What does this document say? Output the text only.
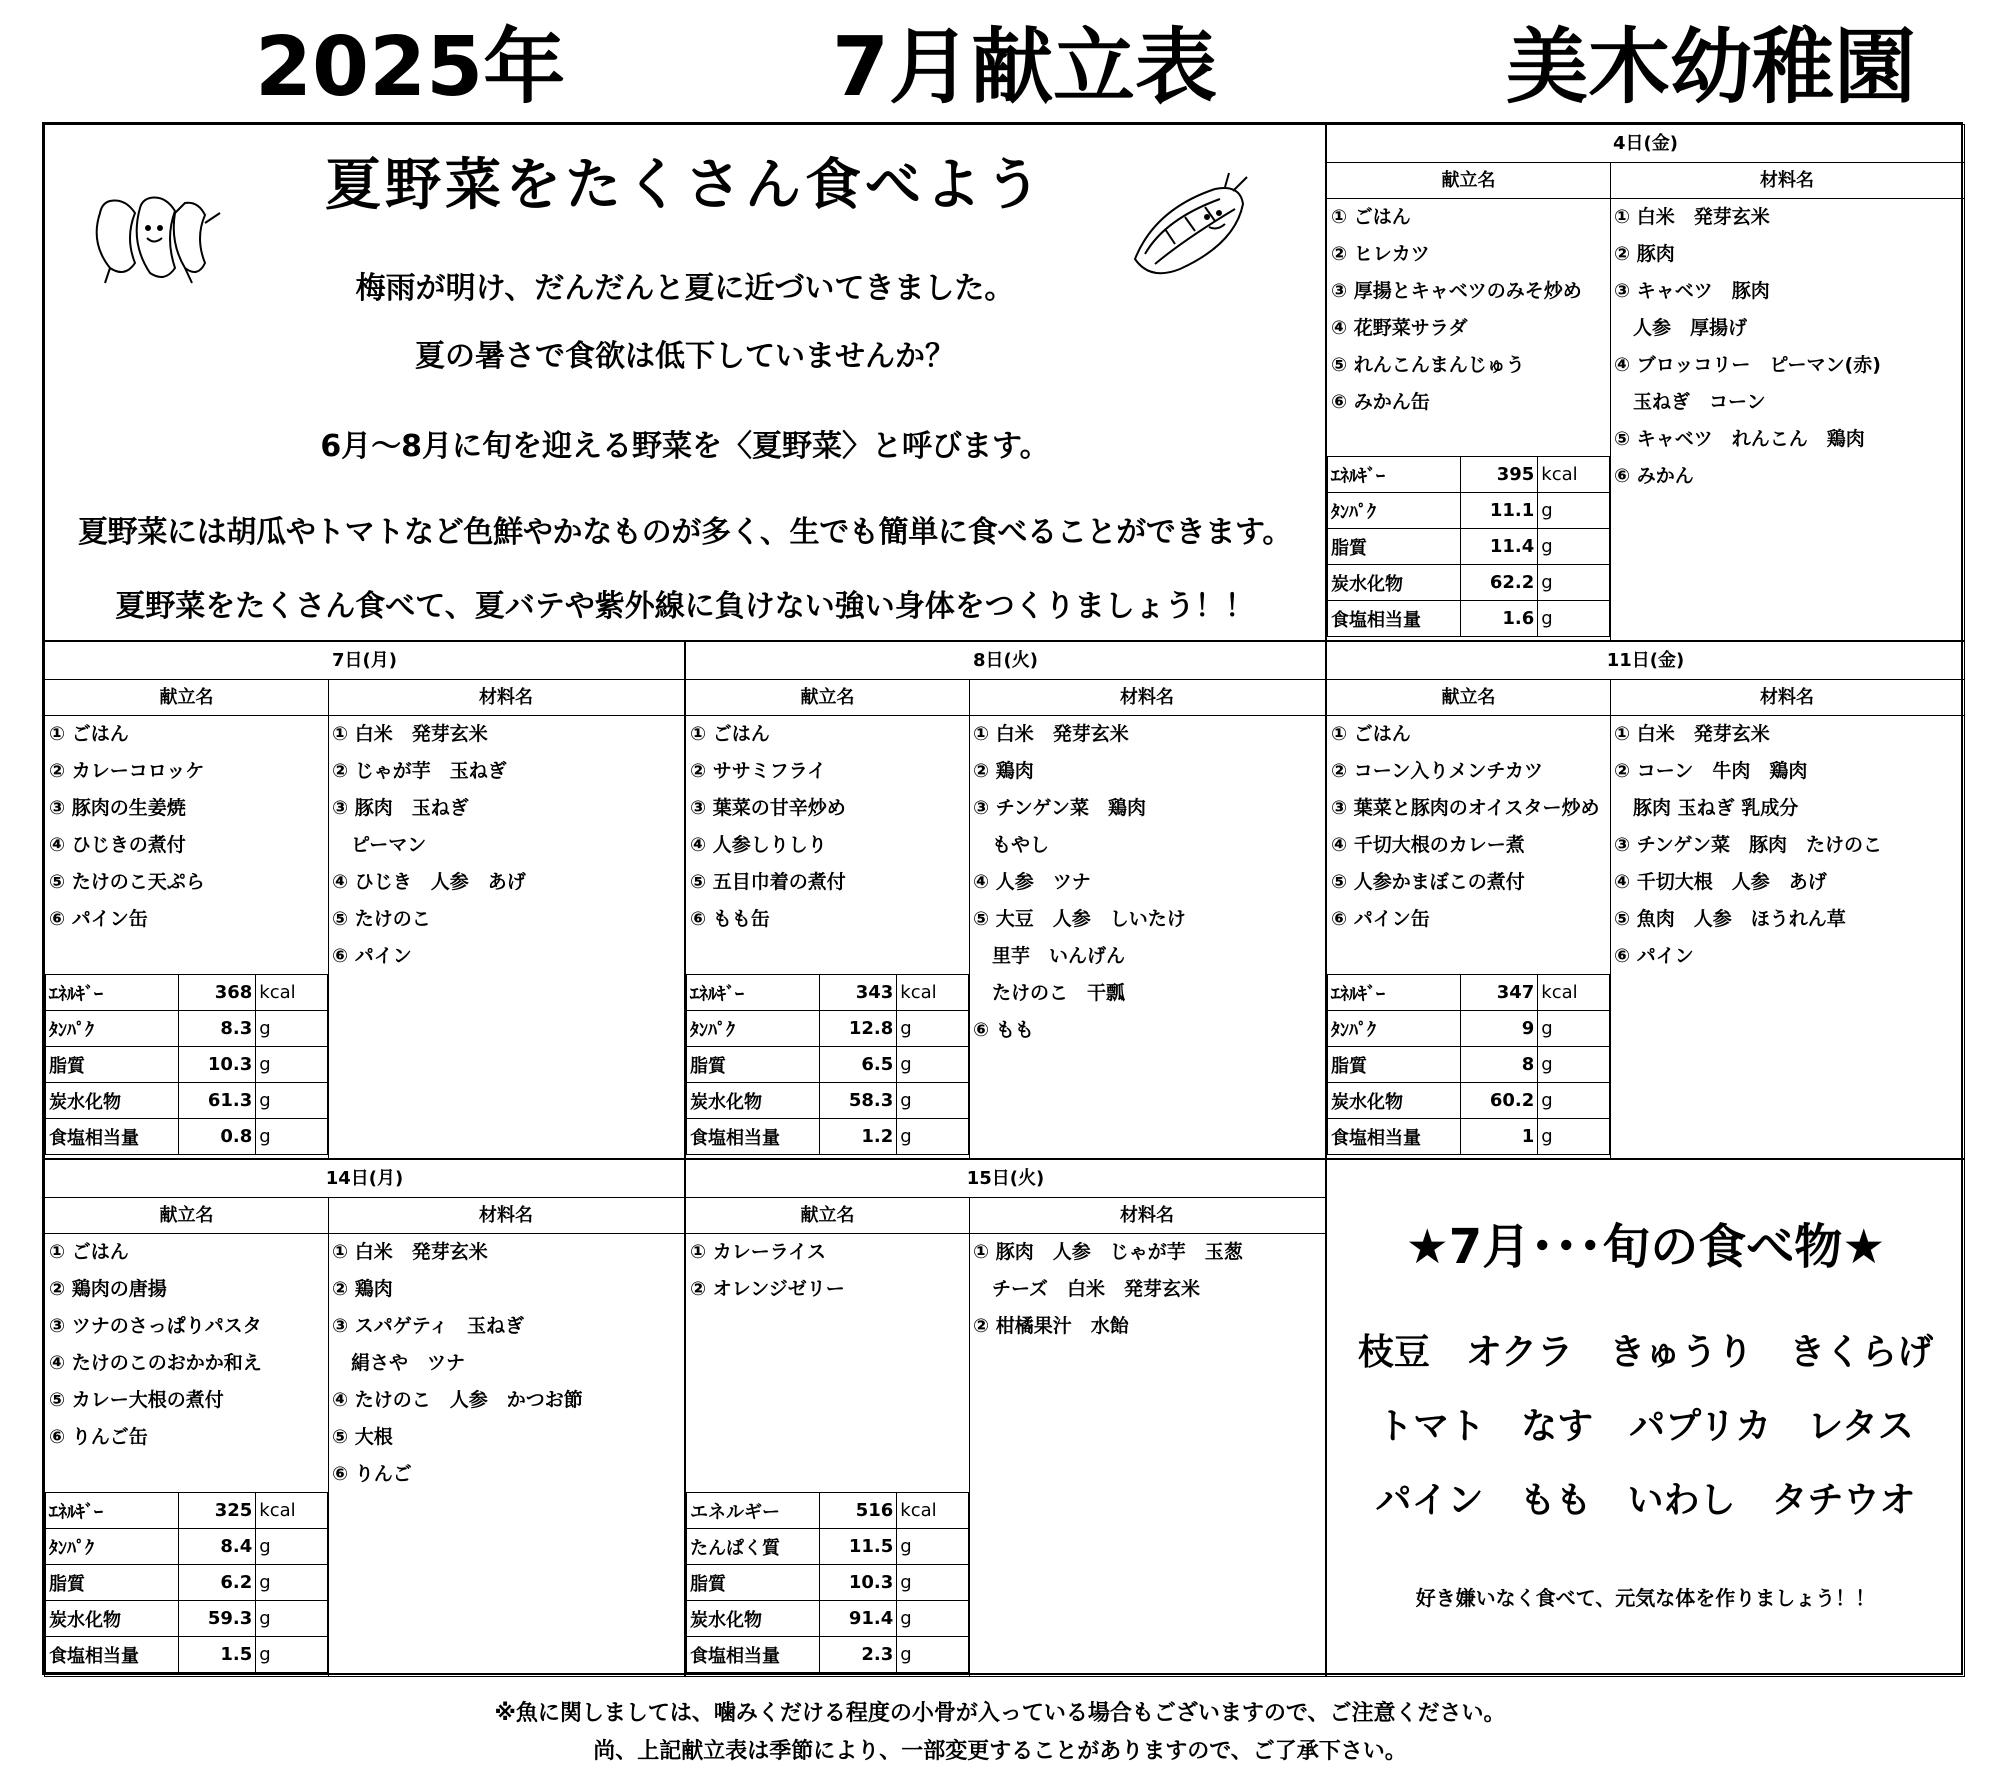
2025年	7月献立表	美木幼稚園
夏野菜をたくさん食べよう
梅雨が明け、だんだんと夏に近づいてきました。
夏の暑さで食欲は低下していませんか？
6月～8月に旬を迎える野菜を〈夏野菜〉と呼びます。
夏野菜には胡瓜やトマトなど色鮮やかなものが多く、生でも簡単に食べることができます。
夏野菜をたくさん食べて、夏バテや紫外線に負けない強い身体をつくりましょう！！
4日(金)
献立名	材料名
① ごはん
② ヒレカツ
③ 厚揚とキャベツのみそ炒め
④ 花野菜サラダ
⑤ れんこんまんじゅう
⑥ みかん缶
① 白米　発芽玄米
② 豚肉
③ キャベツ　豚肉
　人参　厚揚げ
④ ブロッコリー　ピーマン(赤)
　玉ねぎ　コーン
⑤ キャベツ　れんこん　鶏肉
⑥ みかん
ｴﾈﾙｷﾞｰ	395	kcal
ﾀﾝﾊﾟｸ	11.1	g
脂質	11.4	g
炭水化物	62.2	g
食塩相当量	1.6	g
7日(月)
献立名	材料名
① ごはん
② カレーコロッケ
③ 豚肉の生姜焼
④ ひじきの煮付
⑤ たけのこ天ぷら
⑥ パイン缶
① 白米　発芽玄米
② じゃが芋　玉ねぎ
③ 豚肉　玉ねぎ
　ピーマン
④ ひじき　人参　あげ
⑤ たけのこ
⑥ パイン
ｴﾈﾙｷﾞｰ	368	kcal
ﾀﾝﾊﾟｸ	8.3	g
脂質	10.3	g
炭水化物	61.3	g
食塩相当量	0.8	g
8日(火)
献立名	材料名
① ごはん
② ササミフライ
③ 葉菜の甘辛炒め
④ 人参しりしり
⑤ 五目巾着の煮付
⑥ もも缶
① 白米　発芽玄米
② 鶏肉
③ チンゲン菜　鶏肉
　もやし
④ 人参　ツナ
⑤ 大豆　人参　しいたけ
　里芋　いんげん
　たけのこ　干瓢
⑥ もも
ｴﾈﾙｷﾞｰ	343	kcal
ﾀﾝﾊﾟｸ	12.8	g
脂質	6.5	g
炭水化物	58.3	g
食塩相当量	1.2	g
11日(金)
献立名	材料名
① ごはん
② コーン入りメンチカツ
③ 葉菜と豚肉のオイスター炒め
④ 千切大根のカレー煮
⑤ 人参かまぼこの煮付
⑥ パイン缶
① 白米　発芽玄米
② コーン　牛肉　鶏肉
　豚肉 玉ねぎ 乳成分
③ チンゲン菜　豚肉　たけのこ
④ 千切大根　人参　あげ
⑤ 魚肉　人参　ほうれん草
⑥ パイン
ｴﾈﾙｷﾞｰ	347	kcal
ﾀﾝﾊﾟｸ	9	g
脂質	8	g
炭水化物	60.2	g
食塩相当量	1	g
14日(月)
献立名	材料名
① ごはん
② 鶏肉の唐揚
③ ツナのさっぱりパスタ
④ たけのこのおかか和え
⑤ カレー大根の煮付
⑥ りんご缶
① 白米　発芽玄米
② 鶏肉
③ スパゲティ　玉ねぎ
　絹さや　ツナ
④ たけのこ　人参　かつお節
⑤ 大根
⑥ りんご
ｴﾈﾙｷﾞｰ	325	kcal
ﾀﾝﾊﾟｸ	8.4	g
脂質	6.2	g
炭水化物	59.3	g
食塩相当量	1.5	g
15日(火)
献立名	材料名
① カレーライス
② オレンジゼリー
① 豚肉　人参　じゃが芋　玉葱
　チーズ　白米　発芽玄米
② 柑橘果汁　水飴
エネルギー	516	kcal
たんぱく質	11.5	g
脂質	10.3	g
炭水化物	91.4	g
食塩相当量	2.3	g
★7月･･･旬の食べ物★
枝豆　オクラ　きゅうり　きくらげ
トマト　なす　パプリカ　レタス
パイン　もも　いわし　タチウオ
好き嫌いなく食べて、元気な体を作りましょう！！
※魚に関しましては、噛みくだける程度の小骨が入っている場合もございますので、ご注意ください。
尚、上記献立表は季節により、一部変更することがありますので、ご了承下さい。
